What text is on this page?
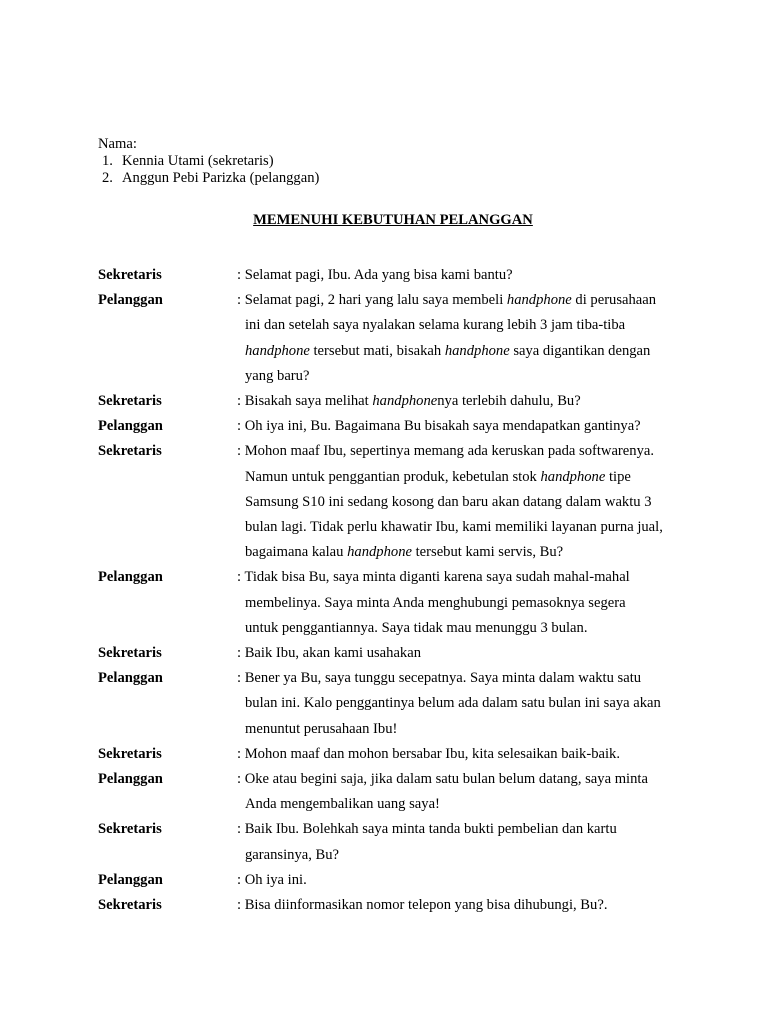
Nama:
1. Kennia Utami (sekretaris)
2. Anggun Pebi Parizka (pelanggan)
MEMENUHI KEBUTUHAN PELANGGAN
Sekretaris	: Selamat pagi, Ibu. Ada yang bisa kami bantu?
Pelanggan	: Selamat pagi, 2 hari yang lalu saya membeli handphone di perusahaan
ini dan setelah saya nyalakan selama kurang lebih 3 jam tiba-tiba
handphone tersebut mati, bisakah handphone saya digantikan dengan
yang baru?
Sekretaris	: Bisakah saya melihat handphonenya terlebih dahulu, Bu?
Pelanggan	: Oh iya ini, Bu. Bagaimana Bu bisakah saya mendapatkan gantinya?
Sekretaris	: Mohon maaf Ibu, sepertinya memang ada keruskan pada softwarenya.
Namun untuk penggantian produk, kebetulan stok handphone tipe
Samsung S10 ini sedang kosong dan baru akan datang dalam waktu 3
bulan lagi. Tidak perlu khawatir Ibu, kami memiliki layanan purna jual,
bagaimana kalau handphone tersebut kami servis, Bu?
Pelanggan	: Tidak bisa Bu, saya minta diganti karena saya sudah mahal-mahal
membelinya. Saya minta Anda menghubungi pemasoknya segera
untuk penggantiannya. Saya tidak mau menunggu 3 bulan.
Sekretaris	: Baik Ibu, akan kami usahakan
Pelanggan	: Bener ya Bu, saya tunggu secepatnya. Saya minta dalam waktu satu
bulan ini. Kalo penggantinya belum ada dalam satu bulan ini saya akan
menuntut perusahaan Ibu!
Sekretaris	: Mohon maaf dan mohon bersabar Ibu, kita selesaikan baik-baik.
Pelanggan	: Oke atau begini saja, jika dalam satu bulan belum datang, saya minta
Anda mengembalikan uang saya!
Sekretaris	: Baik Ibu. Bolehkah saya minta tanda bukti pembelian dan kartu
garansinya, Bu?
Pelanggan	: Oh iya ini.
Sekretaris	: Bisa diinformasikan nomor telepon yang bisa dihubungi, Bu?.
